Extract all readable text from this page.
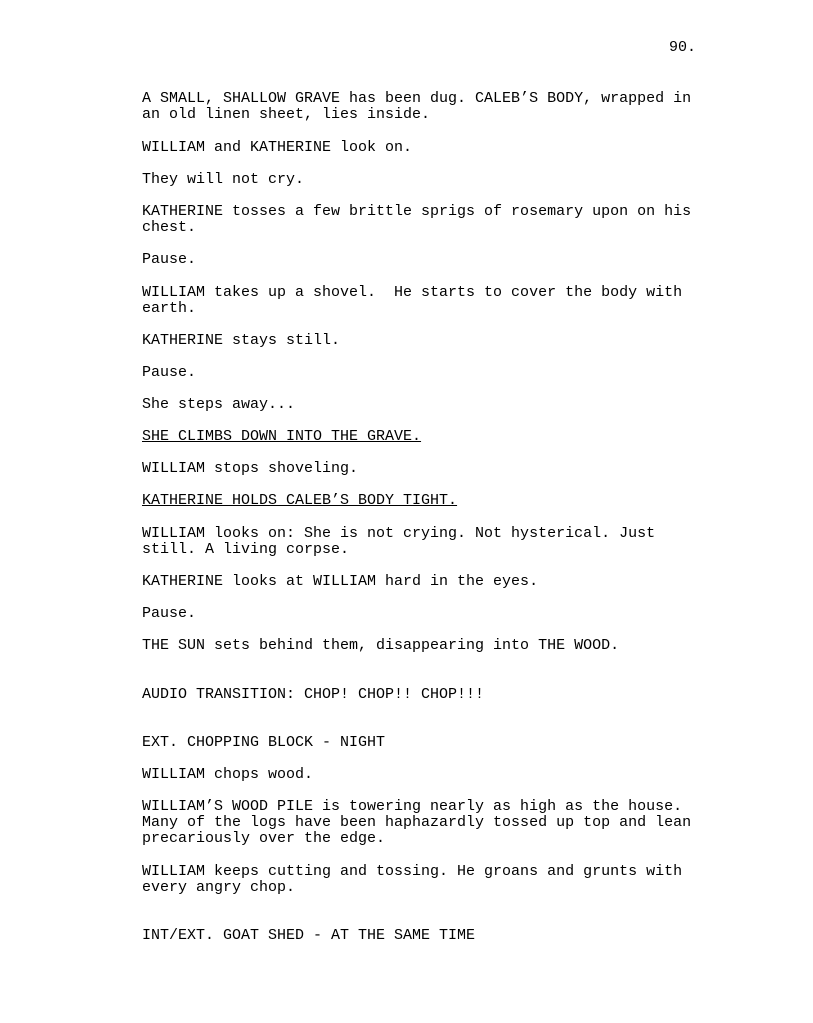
90.
A SMALL, SHALLOW GRAVE has been dug. CALEB’S BODY, wrapped in
an old linen sheet, lies inside.
WILLIAM and KATHERINE look on.
They will not cry.
KATHERINE tosses a few brittle sprigs of rosemary upon on his
chest.
Pause.
WILLIAM takes up a shovel.  He starts to cover the body with
earth.
KATHERINE stays still.
Pause.
She steps away...
SHE CLIMBS DOWN INTO THE GRAVE.
WILLIAM stops shoveling.
KATHERINE HOLDS CALEB’S BODY TIGHT.
WILLIAM looks on: She is not crying. Not hysterical. Just
still. A living corpse.
KATHERINE looks at WILLIAM hard in the eyes.
Pause.
THE SUN sets behind them, disappearing into THE WOOD.
AUDIO TRANSITION: CHOP! CHOP!! CHOP!!!
EXT. CHOPPING BLOCK - NIGHT
WILLIAM chops wood.
WILLIAM’S WOOD PILE is towering nearly as high as the house.
Many of the logs have been haphazardly tossed up top and lean
precariously over the edge.
WILLIAM keeps cutting and tossing. He groans and grunts with
every angry chop.
INT/EXT. GOAT SHED - AT THE SAME TIME
